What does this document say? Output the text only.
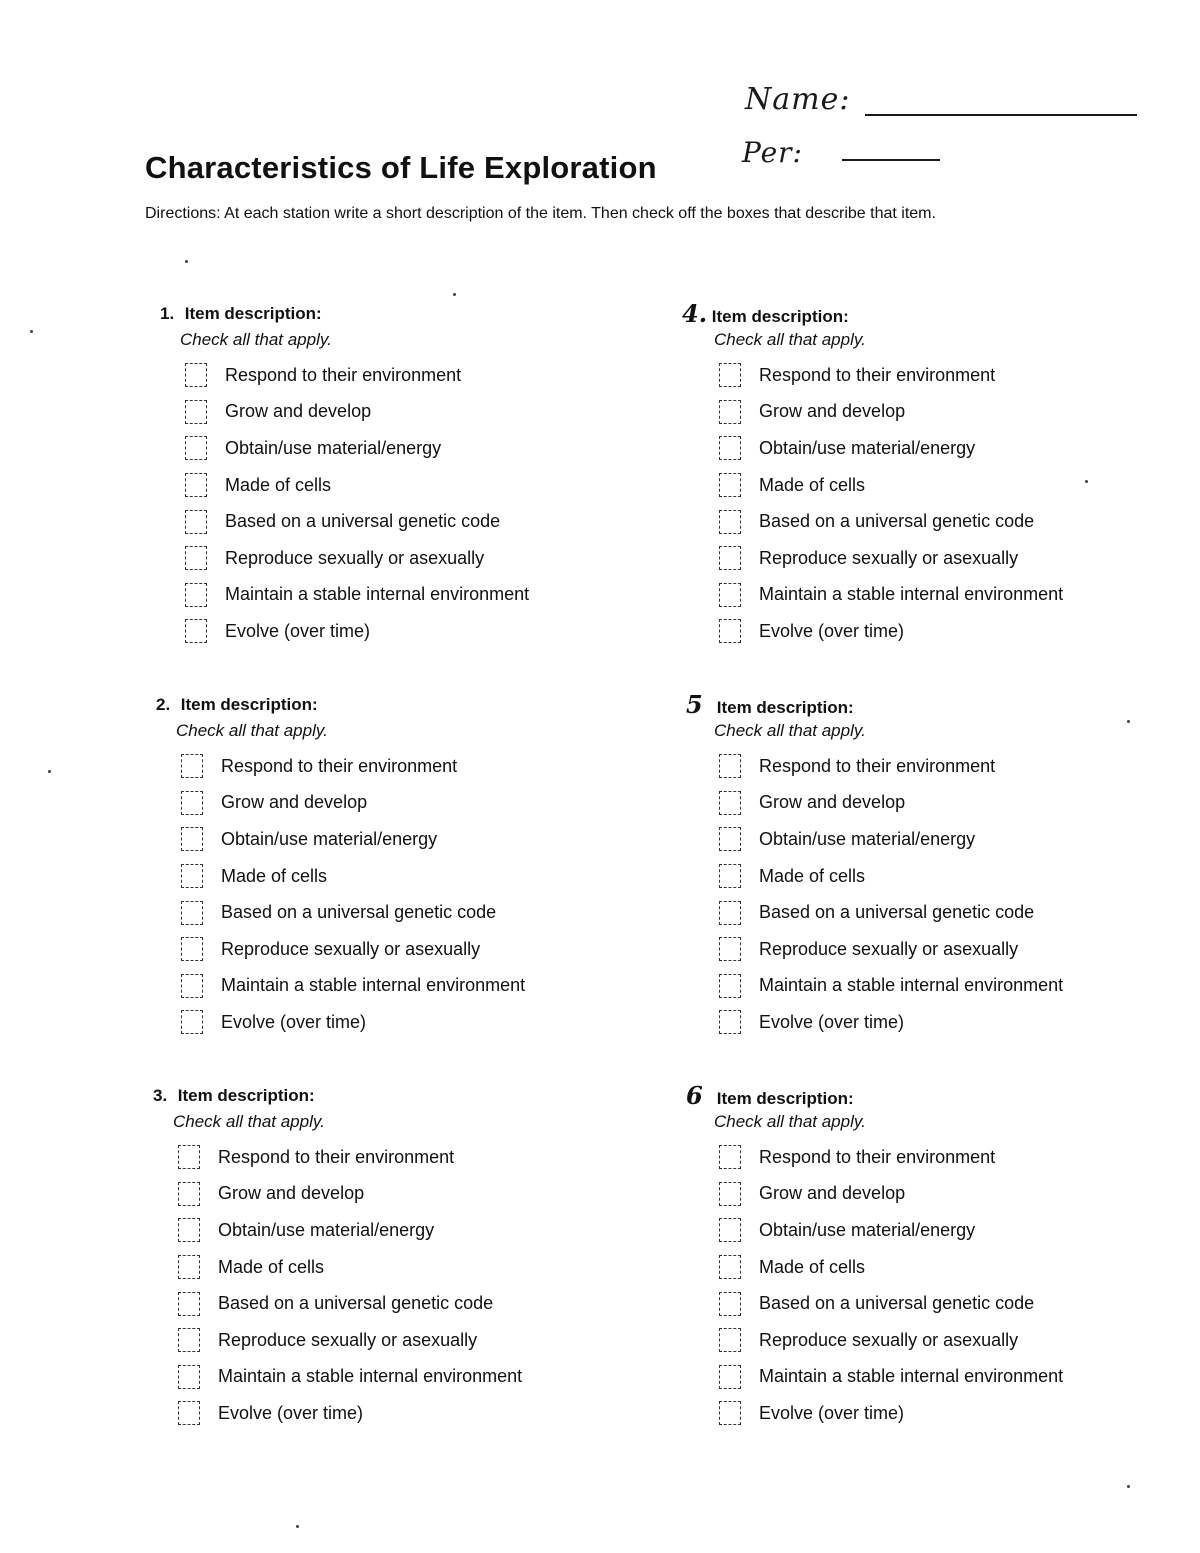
Name:
Per:
Characteristics of Life Exploration

Directions: At each station write a short description of the item. Then check off the boxes that describe that item.

1. Item description:
Check all that apply.
Respond to their environment
Grow and develop
Obtain/use material/energy
Made of cells
Based on a universal genetic code
Reproduce sexually or asexually
Maintain a stable internal environment
Evolve (over time)
2. Item description:
Check all that apply.
Respond to their environment
Grow and develop
Obtain/use material/energy
Made of cells
Based on a universal genetic code
Reproduce sexually or asexually
Maintain a stable internal environment
Evolve (over time)
3. Item description:
Check all that apply.
Respond to their environment
Grow and develop
Obtain/use material/energy
Made of cells
Based on a universal genetic code
Reproduce sexually or asexually
Maintain a stable internal environment
Evolve (over time)
4. Item description:
Check all that apply.
Respond to their environment
Grow and develop
Obtain/use material/energy
Made of cells
Based on a universal genetic code
Reproduce sexually or asexually
Maintain a stable internal environment
Evolve (over time)
5 Item description:
Check all that apply.
Respond to their environment
Grow and develop
Obtain/use material/energy
Made of cells
Based on a universal genetic code
Reproduce sexually or asexually
Maintain a stable internal environment
Evolve (over time)
6 Item description:
Check all that apply.
Respond to their environment
Grow and develop
Obtain/use material/energy
Made of cells
Based on a universal genetic code
Reproduce sexually or asexually
Maintain a stable internal environment
Evolve (over time)
